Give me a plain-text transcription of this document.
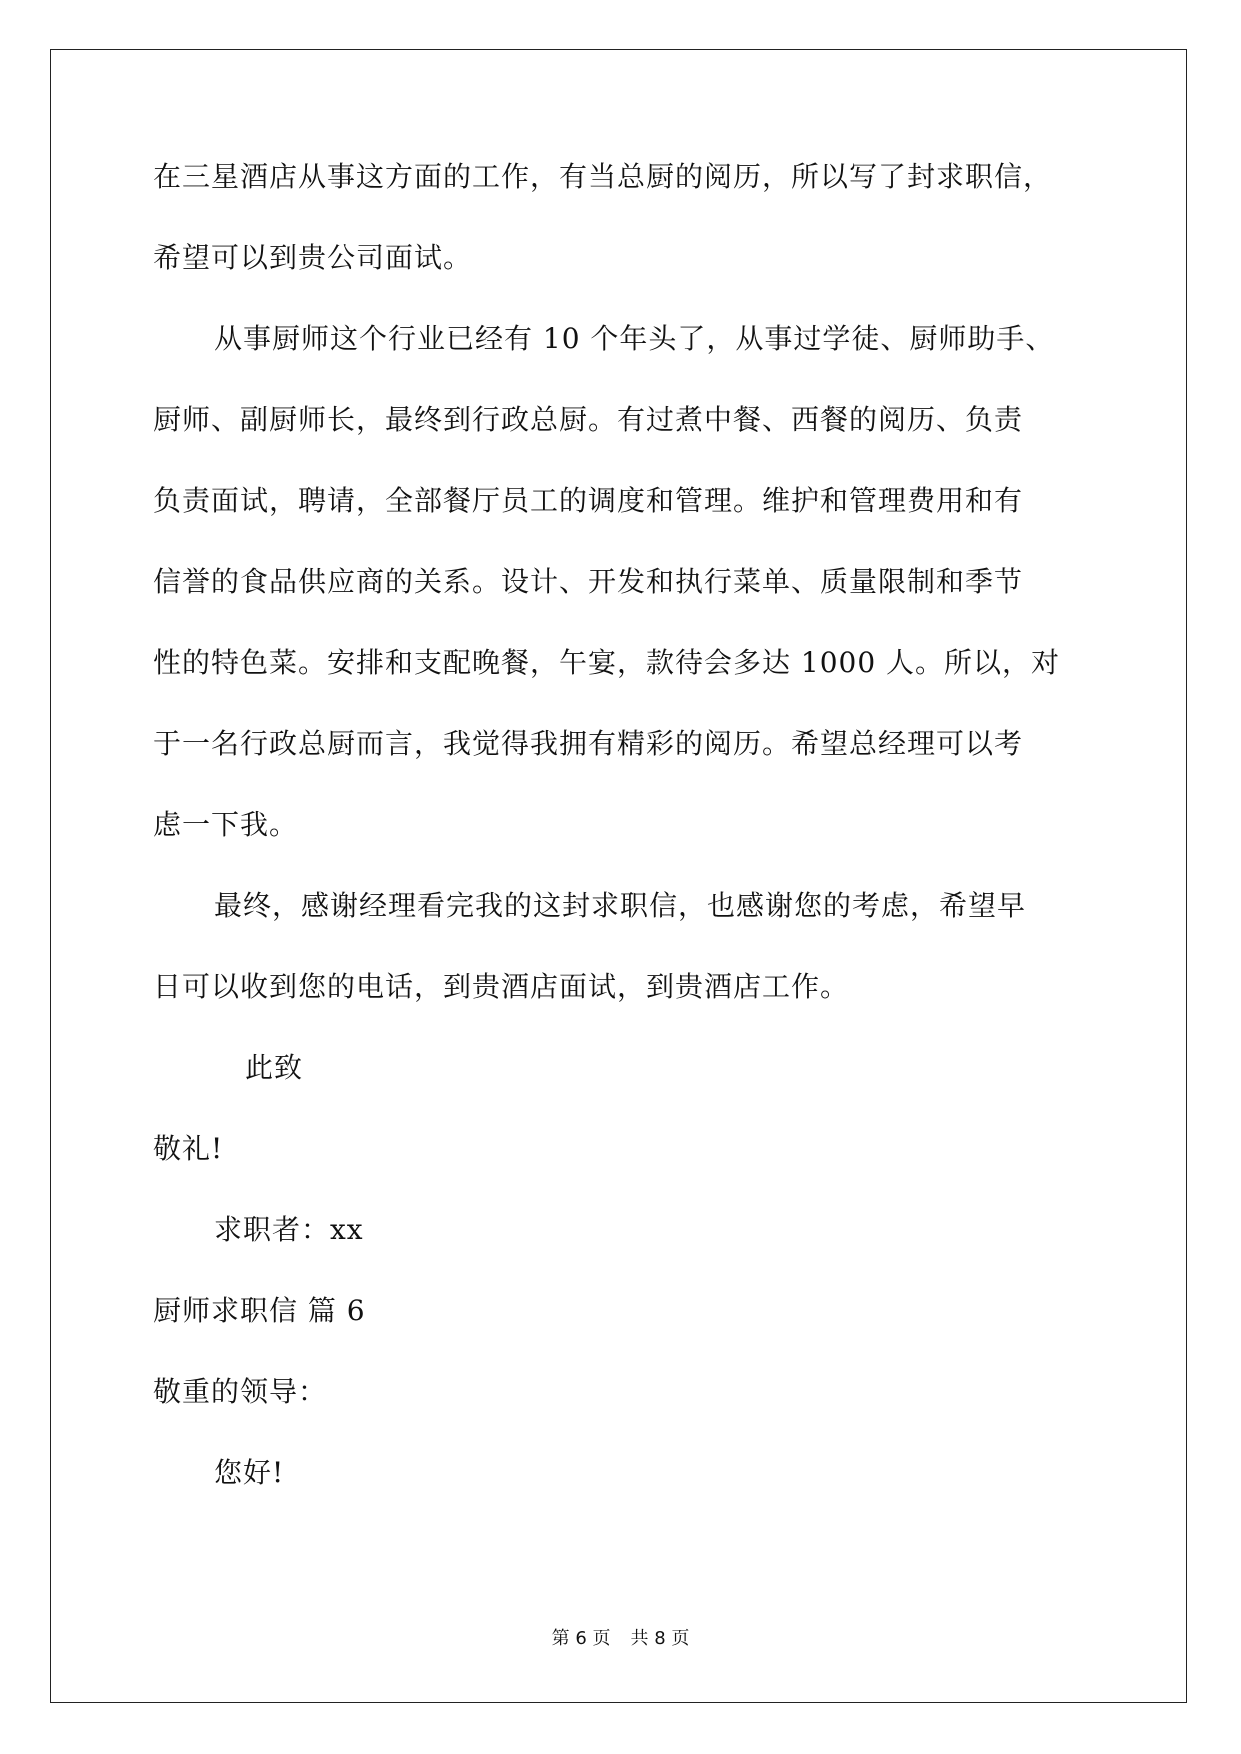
在三星酒店从事这方面的工作，有当总厨的阅历，所以写了封求职信，
希望可以到贵公司面试。
从事厨师这个行业已经有 10 个年头了，从事过学徒、厨师助手、
厨师、副厨师长，最终到行政总厨。有过煮中餐、西餐的阅历、负责
负责面试，聘请，全部餐厅员工的调度和管理。维护和管理费用和有
信誉的食品供应商的关系。设计、开发和执行菜单、质量限制和季节
性的特色菜。安排和支配晚餐，午宴，款待会多达 1000 人。所以，对
于一名行政总厨而言，我觉得我拥有精彩的阅历。希望总经理可以考
虑一下我。
最终，感谢经理看完我的这封求职信，也感谢您的考虑，希望早
日可以收到您的电话，到贵酒店面试，到贵酒店工作。
此致
敬礼!
求职者：xx
厨师求职信 篇 6
敬重的领导：
您好!
第 6 页 共 8 页
